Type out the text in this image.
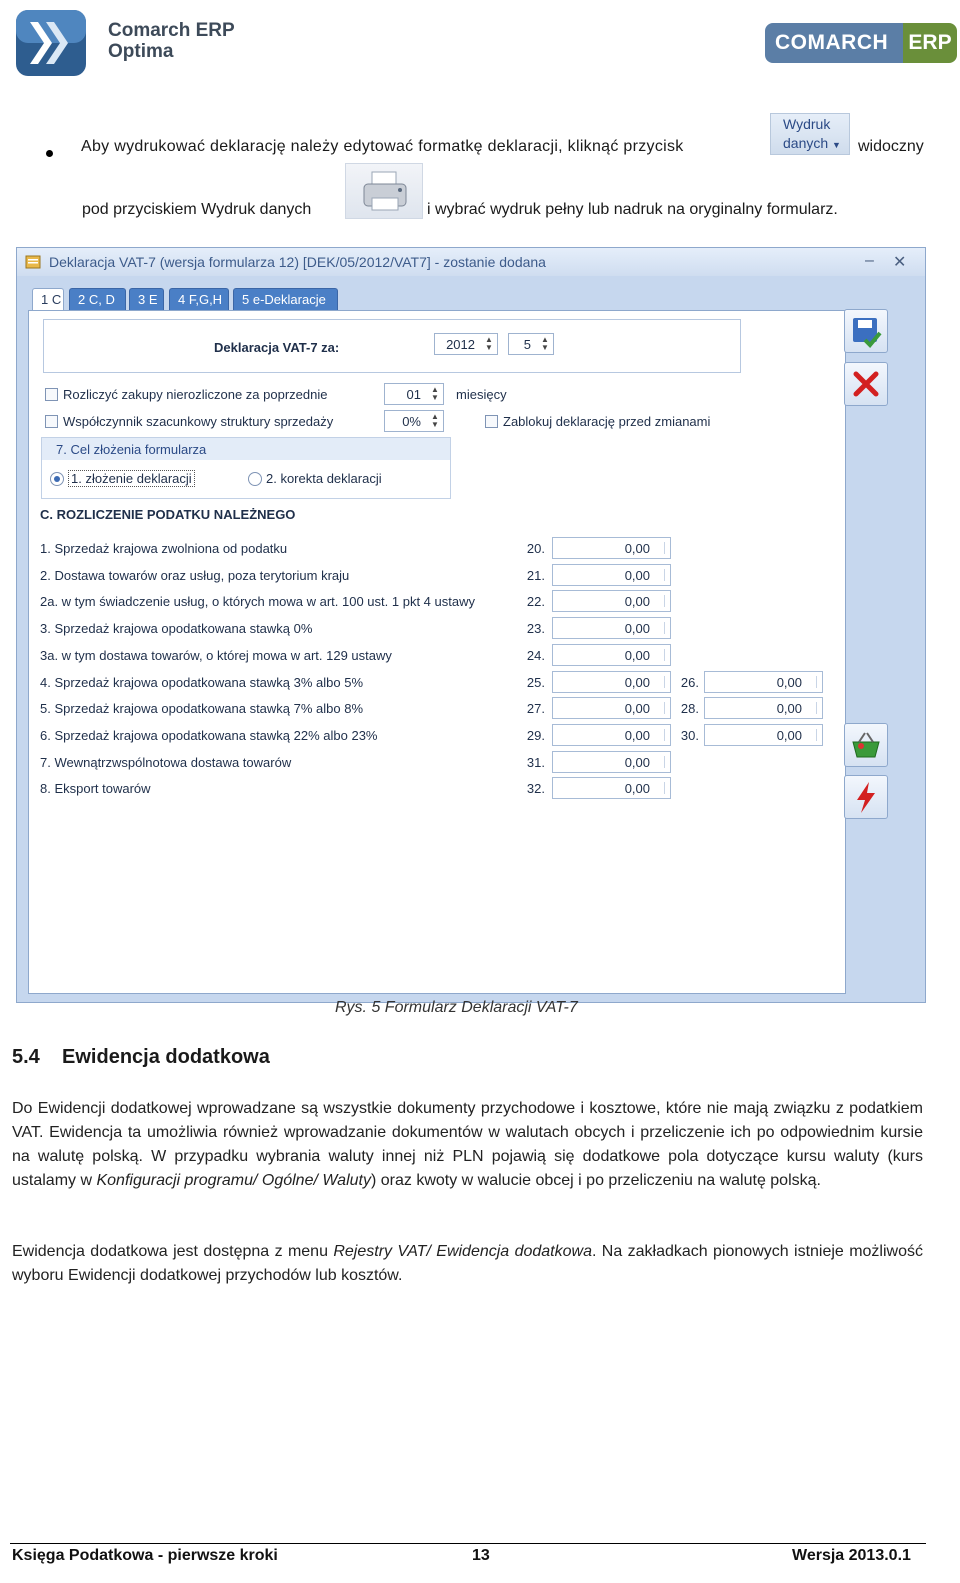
Comarch ERP
Optima	COMARCH ERP
Aby wydrukować deklarację należy edytować formatkę deklaracji, kliknąć przycisk
Wydruk
danych ▼	widoczny
pod przyciskiem Wydruk danych	i wybrać wydruk pełny lub nadruk na oryginalny formularz.
Deklaracja VAT-7 (wersja formularza 12) [DEK/05/2012/VAT7] - zostanie dodana	– ✕
1 C	2 C, D	3 E	4 F,G,H	5 e-Deklaracje
Deklaracja VAT-7 za:	2012 ▲
▼	5 ▲
▼
Rozliczyć zakupy nierozliczone za poprzednie	01 ▲
▼ miesięcy
Współczynnik szacunkowy struktury sprzedaży	0% ▲
▼	Zablokuj deklarację przed zmianami
7. Cel złożenia formularza
1. złożenie deklaracji	2. korekta deklaracji
C. ROZLICZENIE PODATKU NALEŻNEGO
1. Sprzedaż krajowa zwolniona od podatku	20.	0,00
2. Dostawa towarów oraz usług, poza terytorium kraju	21.	0,00
2a. w tym świadczenie usług, o których mowa w art. 100 ust. 1 pkt 4 ustawy	22.	0,00
3. Sprzedaż krajowa opodatkowana stawką 0%	23.	0,00
3a. w tym dostawa towarów, o której mowa w art. 129 ustawy	24.	0,00
4. Sprzedaż krajowa opodatkowana stawką 3% albo 5%	25.	0,00	26.	0,00
5. Sprzedaż krajowa opodatkowana stawką 7% albo 8%	27.	0,00	28.	0,00
6. Sprzedaż krajowa opodatkowana stawką 22% albo 23%	29.	0,00	30.	0,00
7. Wewnątrzwspólnotowa dostawa towarów	31.	0,00
8. Eksport towarów	32.	0,00
Rys. 5 Formularz Deklaracji VAT-7
5.4    Ewidencja dodatkowa
Do Ewidencji dodatkowej wprowadzane są wszystkie dokumenty przychodowe i kosztowe, które nie mają związku z podatkiem VAT. Ewidencja ta umożliwia również wprowadzanie dokumentów w walutach obcych i przeliczenie ich po odpowiednim kursie na walutę polską. W przypadku wybrania waluty innej niż PLN pojawią się dodatkowe pola dotyczące kursu waluty (kurs ustalamy w Konfiguracji programu/ Ogólne/ Waluty) oraz kwoty w walucie obcej i po przeliczeniu na walutę polską.
Ewidencja dodatkowa jest dostępna z menu Rejestry VAT/ Ewidencja dodatkowa. Na zakładkach pionowych istnieje możliwość wyboru Ewidencji dodatkowej przychodów lub kosztów.
Księga Podatkowa - pierwsze kroki	13	Wersja 2013.0.1
